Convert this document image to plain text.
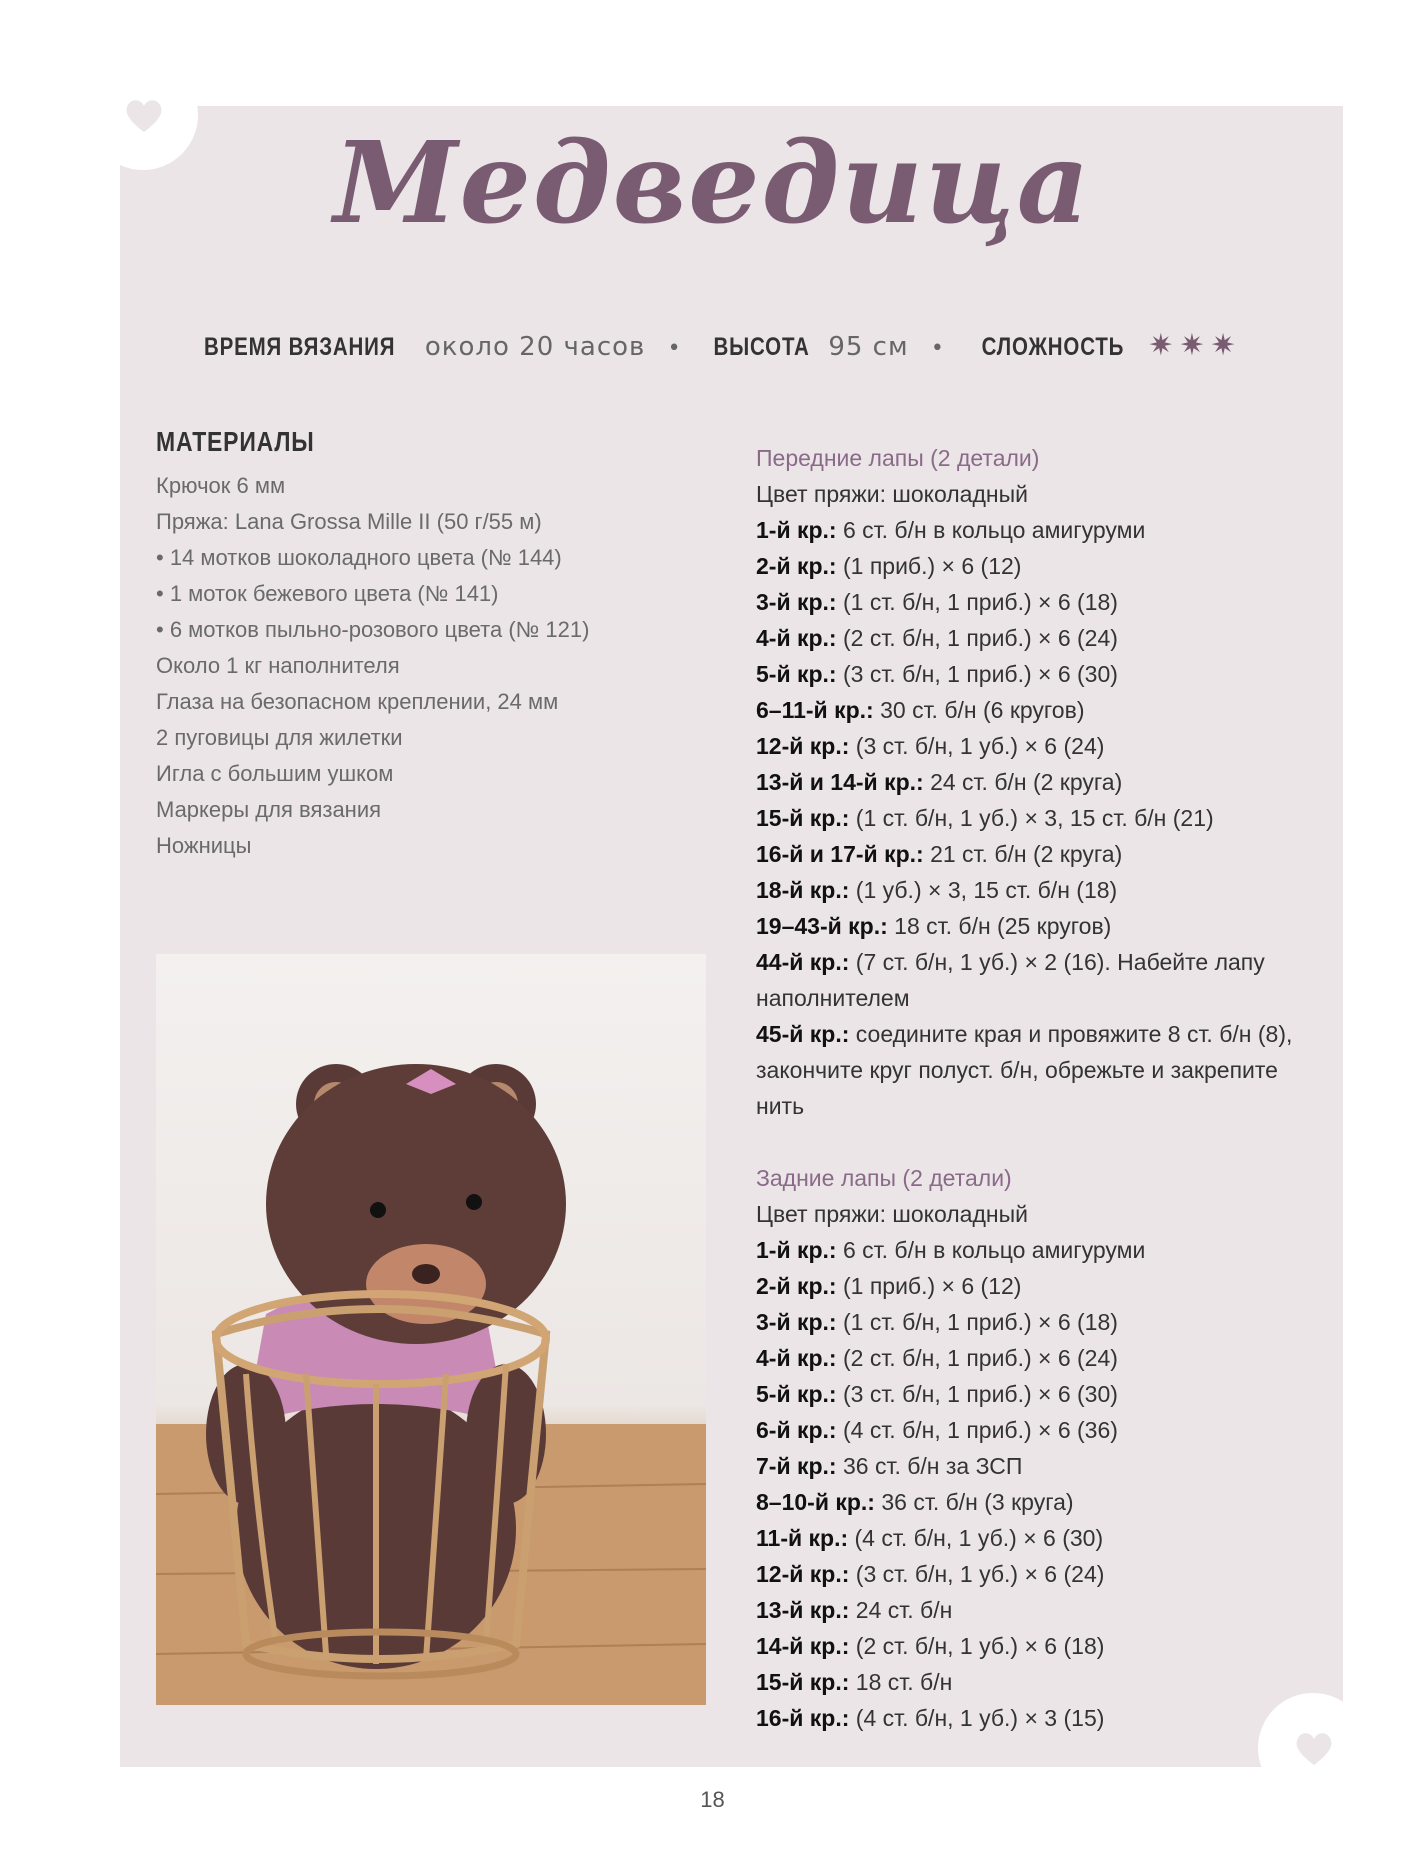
Медведица
ВРЕМЯ ВЯЗАНИЯ около 20 часов • ВЫСОТА 95 см • СЛОЖНОСТЬ ✷✷✷
МАТЕРИАЛЫ
Крючок 6 мм
Пряжа: Lana Grossa Mille II (50 г/55 м)
• 14 мотков шоколадного цвета (№ 144)
• 1 моток бежевого цвета (№ 141)
• 6 мотков пыльно-розового цвета (№ 121)
Около 1 кг наполнителя
Глаза на безопасном креплении, 24 мм
2 пуговицы для жилетки
Игла с большим ушком
Маркеры для вязания
Ножницы
Передние лапы (2 детали)
Цвет пряжи: шоколадный
1-й кр.: 6 ст. б/н в кольцо амигуруми
2-й кр.: (1 приб.) × 6 (12)
3-й кр.: (1 ст. б/н, 1 приб.) × 6 (18)
4-й кр.: (2 ст. б/н, 1 приб.) × 6 (24)
5-й кр.: (3 ст. б/н, 1 приб.) × 6 (30)
6–11-й кр.: 30 ст. б/н (6 кругов)
12-й кр.: (3 ст. б/н, 1 уб.) × 6 (24)
13-й и 14-й кр.: 24 ст. б/н (2 круга)
15-й кр.: (1 ст. б/н, 1 уб.) × 3, 15 ст. б/н (21)
16-й и 17-й кр.: 21 ст. б/н (2 круга)
18-й кр.: (1 уб.) × 3, 15 ст. б/н (18)
19–43-й кр.: 18 ст. б/н (25 кругов)
44-й кр.: (7 ст. б/н, 1 уб.) × 2 (16). Набейте лапу наполнителем
45-й кр.: соедините края и провяжите 8 ст. б/н (8), закончите круг полуст. б/н, обрежьте и закрепите нить
Задние лапы (2 детали)
Цвет пряжи: шоколадный
1-й кр.: 6 ст. б/н в кольцо амигуруми
2-й кр.: (1 приб.) × 6 (12)
3-й кр.: (1 ст. б/н, 1 приб.) × 6 (18)
4-й кр.: (2 ст. б/н, 1 приб.) × 6 (24)
5-й кр.: (3 ст. б/н, 1 приб.) × 6 (30)
6-й кр.: (4 ст. б/н, 1 приб.) × 6 (36)
7-й кр.: 36 ст. б/н за ЗСП
8–10-й кр.: 36 ст. б/н (3 круга)
11-й кр.: (4 ст. б/н, 1 уб.) × 6 (30)
12-й кр.: (3 ст. б/н, 1 уб.) × 6 (24)
13-й кр.: 24 ст. б/н
14-й кр.: (2 ст. б/н, 1 уб.) × 6 (18)
15-й кр.: 18 ст. б/н
16-й кр.: (4 ст. б/н, 1 уб.) × 3 (15)
18
